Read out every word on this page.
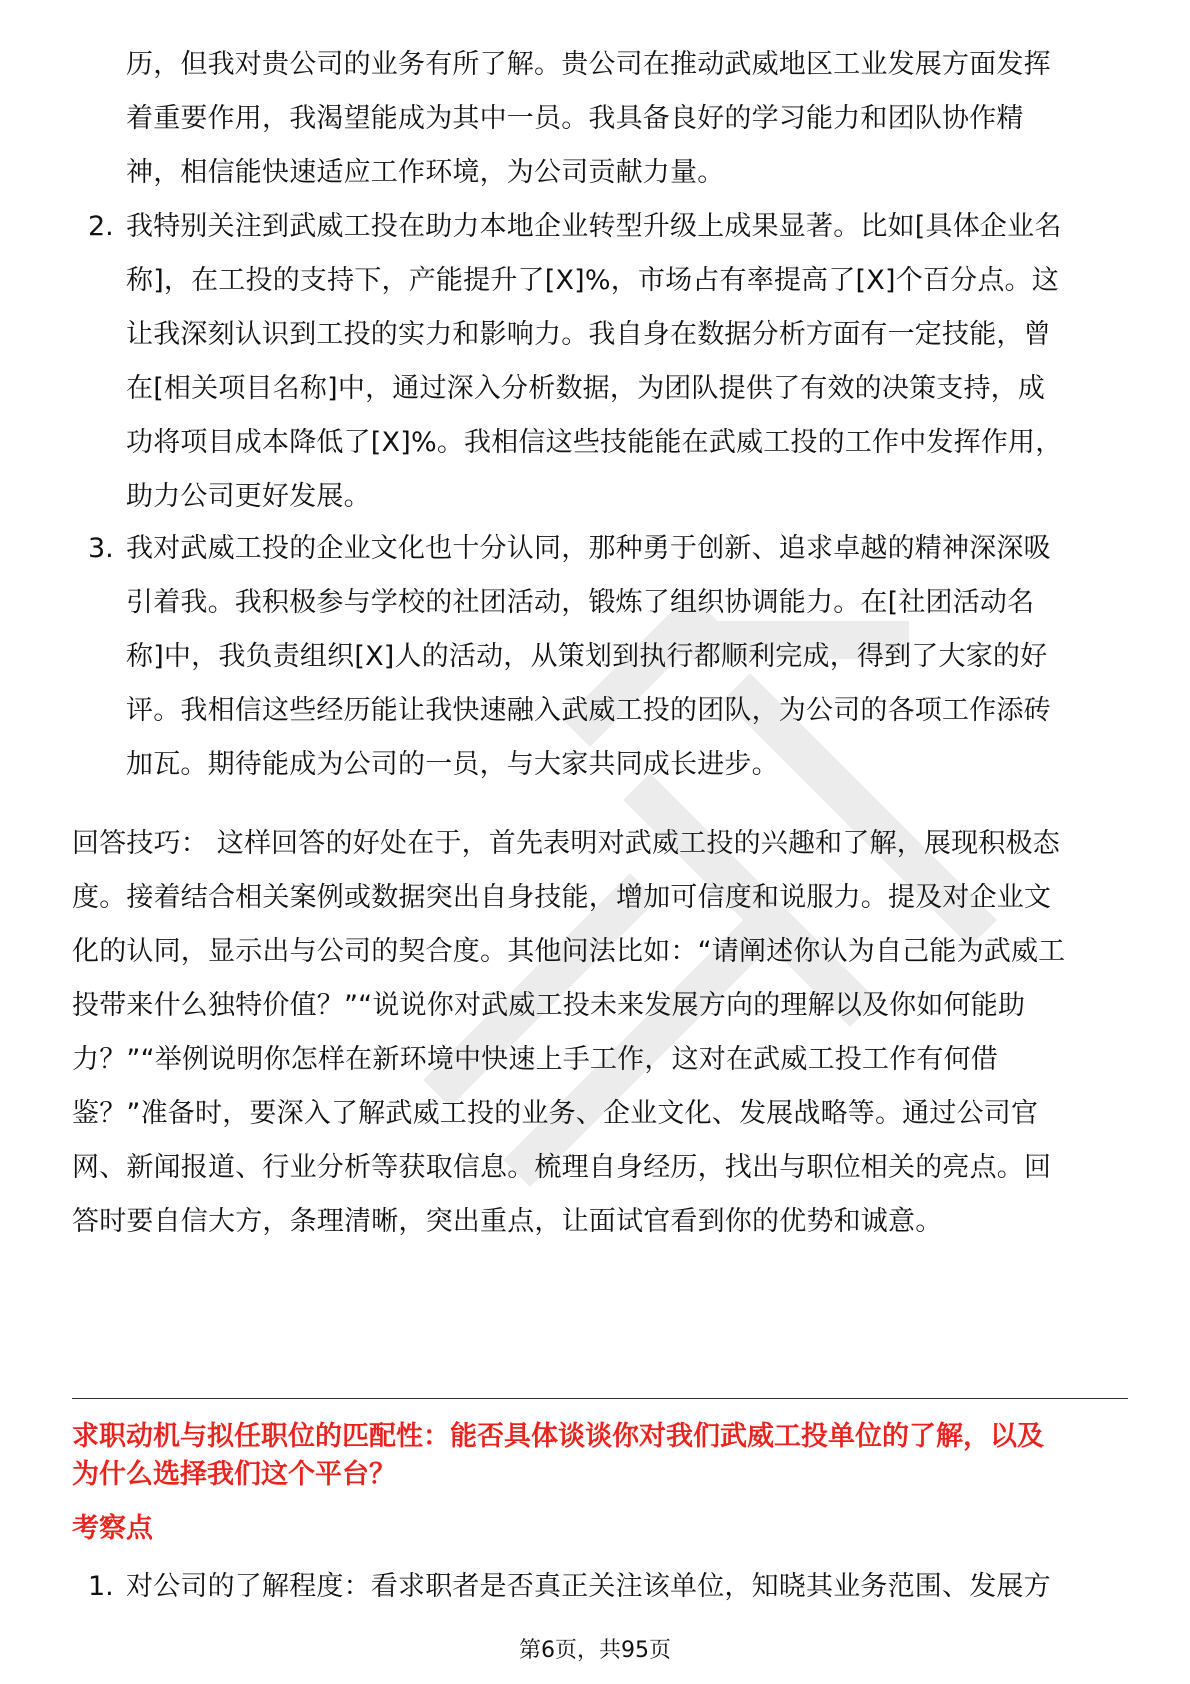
历，但我对贵公司的业务有所了解。贵公司在推动武威地区工业发展方面发挥
着重要作用，我渴望能成为其中一员。我具备良好的学习能力和团队协作精
神，相信能快速适应工作环境，为公司贡献力量。
2. 我特别关注到武威工投在助力本地企业转型升级上成果显著。比如[具体企业名
称]，在工投的支持下，产能提升了[X]%，市场占有率提高了[X]个百分点。这
让我深刻认识到工投的实力和影响力。我自身在数据分析方面有一定技能，曾
在[相关项目名称]中，通过深入分析数据，为团队提供了有效的决策支持，成
功将项目成本降低了[X]%。我相信这些技能能在武威工投的工作中发挥作用，
助力公司更好发展。
3. 我对武威工投的企业文化也十分认同，那种勇于创新、追求卓越的精神深深吸
引着我。我积极参与学校的社团活动，锻炼了组织协调能力。在[社团活动名
称]中，我负责组织[X]人的活动，从策划到执行都顺利完成，得到了大家的好
评。我相信这些经历能让我快速融入武威工投的团队，为公司的各项工作添砖
加瓦。期待能成为公司的一员，与大家共同成长进步。
回答技巧： 这样回答的好处在于，首先表明对武威工投的兴趣和了解，展现积极态
度。接着结合相关案例或数据突出自身技能，增加可信度和说服力。提及对企业文
化的认同，显示出与公司的契合度。其他问法比如：“请阐述你认为自己能为武威工
投带来什么独特价值？”“说说你对武威工投未来发展方向的理解以及你如何能助
力？”“举例说明你怎样在新环境中快速上手工作，这对在武威工投工作有何借
鉴？”准备时，要深入了解武威工投的业务、企业文化、发展战略等。通过公司官
网、新闻报道、行业分析等获取信息。梳理自身经历，找出与职位相关的亮点。回
答时要自信大方，条理清晰，突出重点，让面试官看到你的优势和诚意。
求职动机与拟任职位的匹配性：能否具体谈谈你对我们武威工投单位的了解，以及
为什么选择我们这个平台？
考察点
1. 对公司的了解程度：看求职者是否真正关注该单位，知晓其业务范围、发展方
第6页，共95页
